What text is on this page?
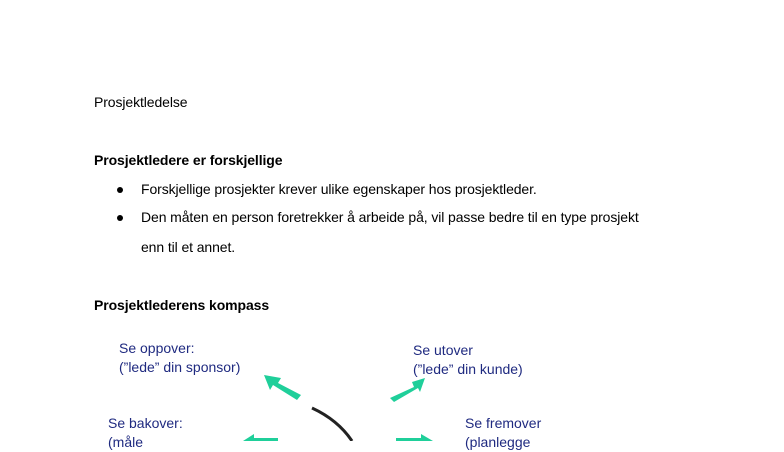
Prosjektledelse
Prosjektledere er forskjellige
Forskjellige prosjekter krever ulike egenskaper hos prosjektleder.
Den måten en person foretrekker å arbeide på, vil passe bedre til en type prosjekt
enn til et annet.
Prosjektlederens kompass
Se oppover:
(”lede” din sponsor)
Se utover
(”lede” din kunde)
Se bakover:
(måle
Se fremover
(planlegge
